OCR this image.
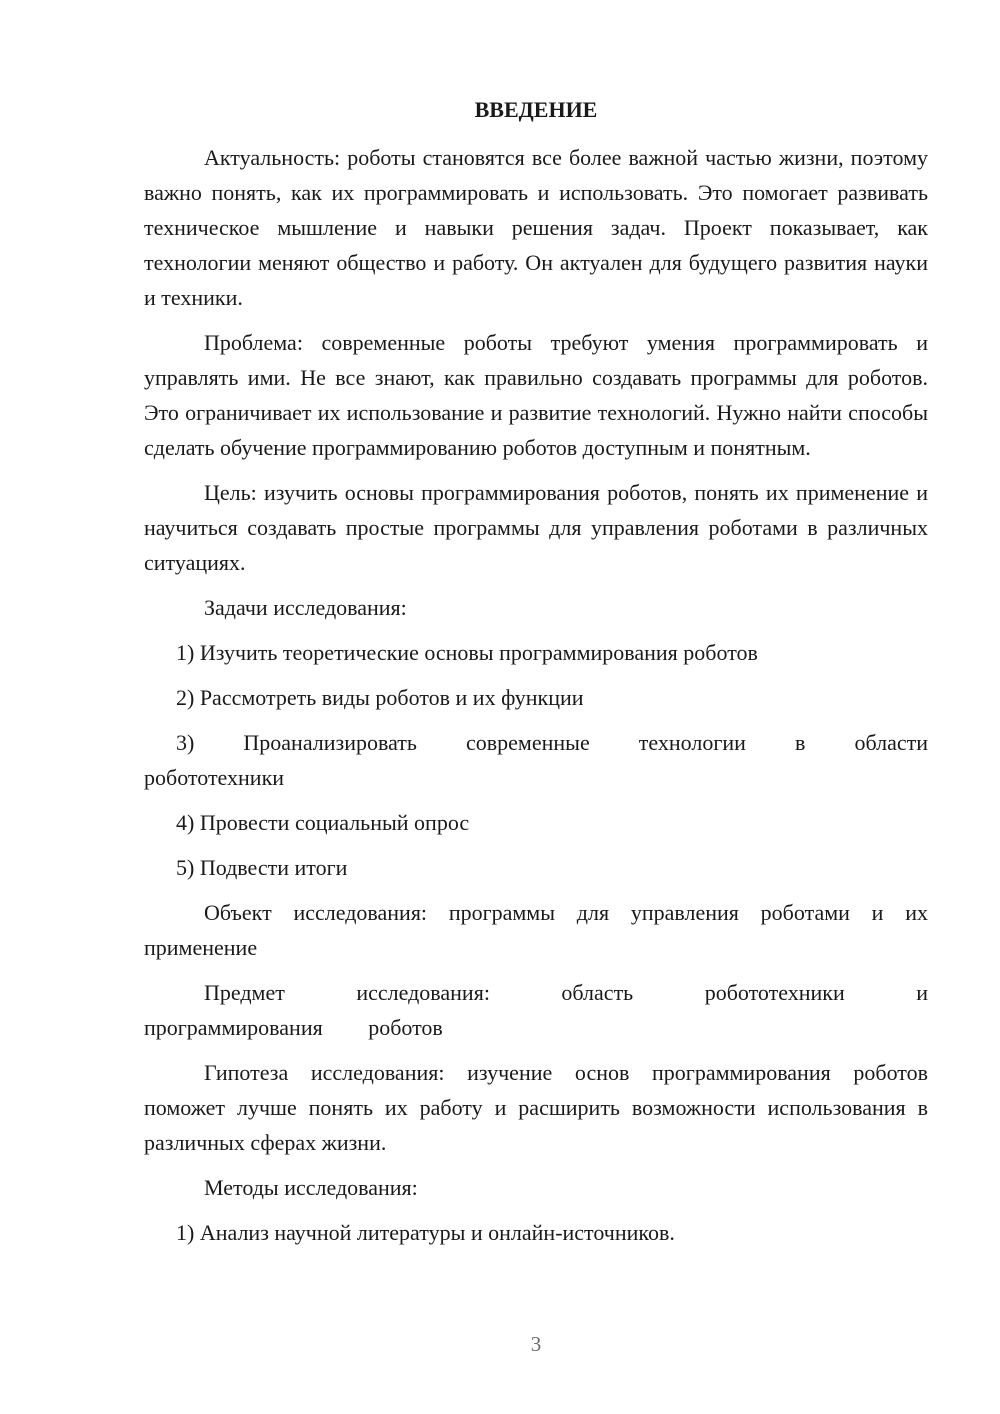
ВВЕДЕНИЕ

Актуальность: роботы становятся все более важной частью жизни, поэтому важно понять, как их программировать и использовать. Это помогает развивать техническое мышление и навыки решения задач. Проект показывает, как технологии меняют общество и работу. Он актуален для будущего развития науки и техники.

Проблема: современные роботы требуют умения программировать и управлять ими. Не все знают, как правильно создавать программы для роботов. Это ограничивает их использование и развитие технологий. Нужно найти способы сделать обучение программированию роботов доступным и понятным.

Цель: изучить основы программирования роботов, понять их применение и научиться создавать простые программы для управления роботами в различных ситуациях.

Задачи исследования:

1) Изучить теоретические основы программирования роботов

2) Рассмотреть виды роботов и их функции

3) Проанализировать современные технологии в области робототехники

4) Провести социальный опрос

5) Подвести итоги

Объект исследования: программы для управления роботами и их применение

Предмет исследования: область робототехники и программирования роботов

Гипотеза исследования: изучение основ программирования роботов поможет лучше понять их работу и расширить возможности использования в различных сферах жизни.

Методы исследования:

1) Анализ научной литературы и онлайн-источников.

3
